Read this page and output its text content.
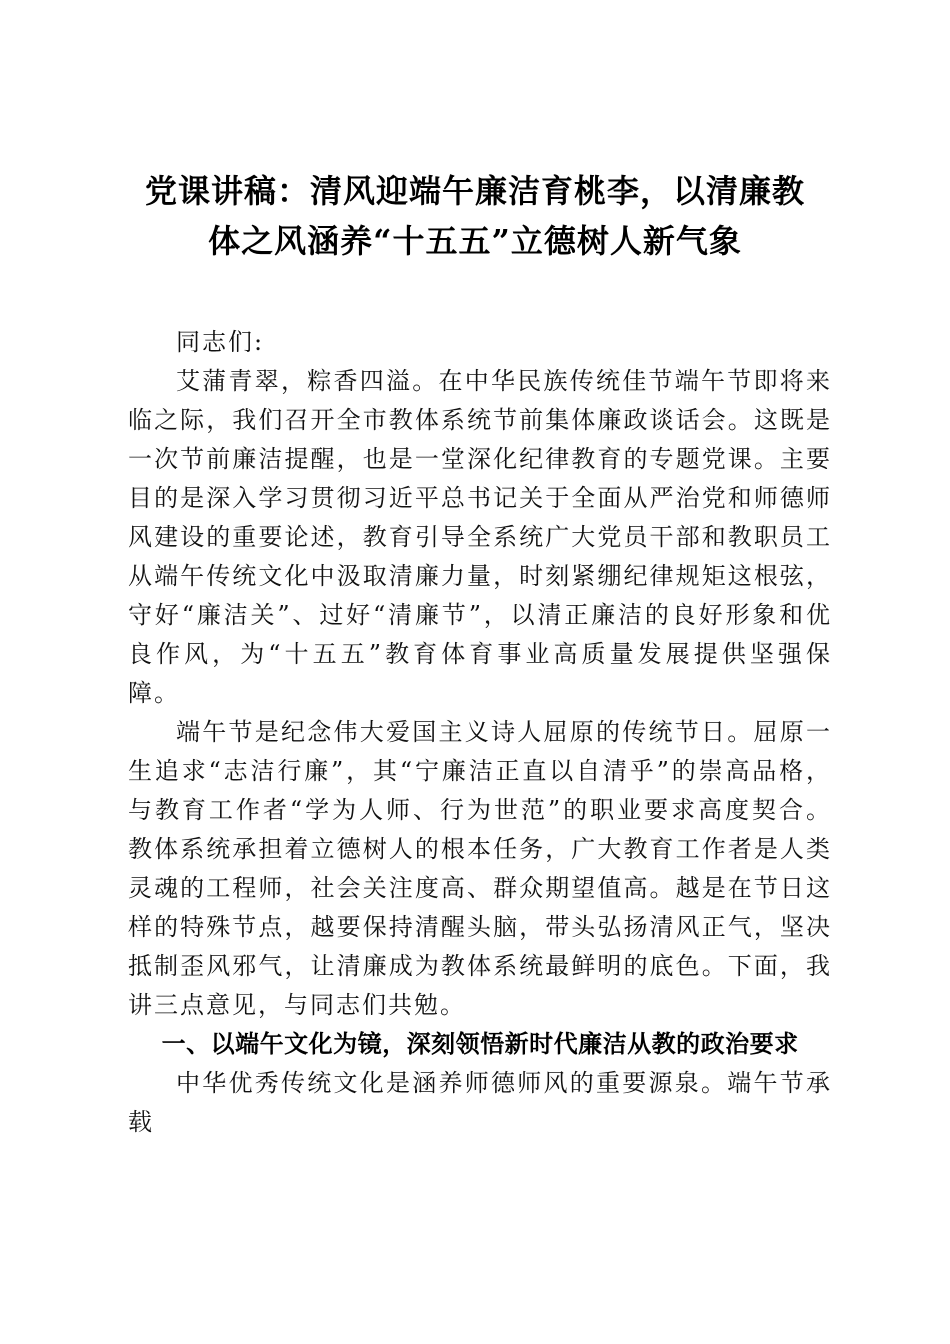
党课讲稿：清风迎端午廉洁育桃李，以清廉教
体之风涵养“十五五”立德树人新气象

同志们:

艾蒲青翠，粽香四溢。在中华民族传统佳节端午节即将来临之际，我们召开全市教体系统节前集体廉政谈话会。这既是一次节前廉洁提醒，也是一堂深化纪律教育的专题党课。主要目的是深入学习贯彻习近平总书记关于全面从严治党和师德师风建设的重要论述，教育引导全系统广大党员干部和教职员工从端午传统文化中汲取清廉力量，时刻紧绷纪律规矩这根弦，守好“廉洁关”、过好“清廉节”，以清正廉洁的良好形象和优良作风，为“十五五”教育体育事业高质量发展提供坚强保障。

端午节是纪念伟大爱国主义诗人屈原的传统节日。屈原一生追求“志洁行廉”，其“宁廉洁正直以自清乎”的崇高品格，与教育工作者“学为人师、行为世范”的职业要求高度契合。教体系统承担着立德树人的根本任务，广大教育工作者是人类灵魂的工程师，社会关注度高、群众期望值高。越是在节日这样的特殊节点，越要保持清醒头脑，带头弘扬清风正气，坚决抵制歪风邪气，让清廉成为教体系统最鲜明的底色。下面，我讲三点意见，与同志们共勉。

一、以端午文化为镜，深刻领悟新时代廉洁从教的政治要求

中华优秀传统文化是涵养师德师风的重要源泉。端午节承载
